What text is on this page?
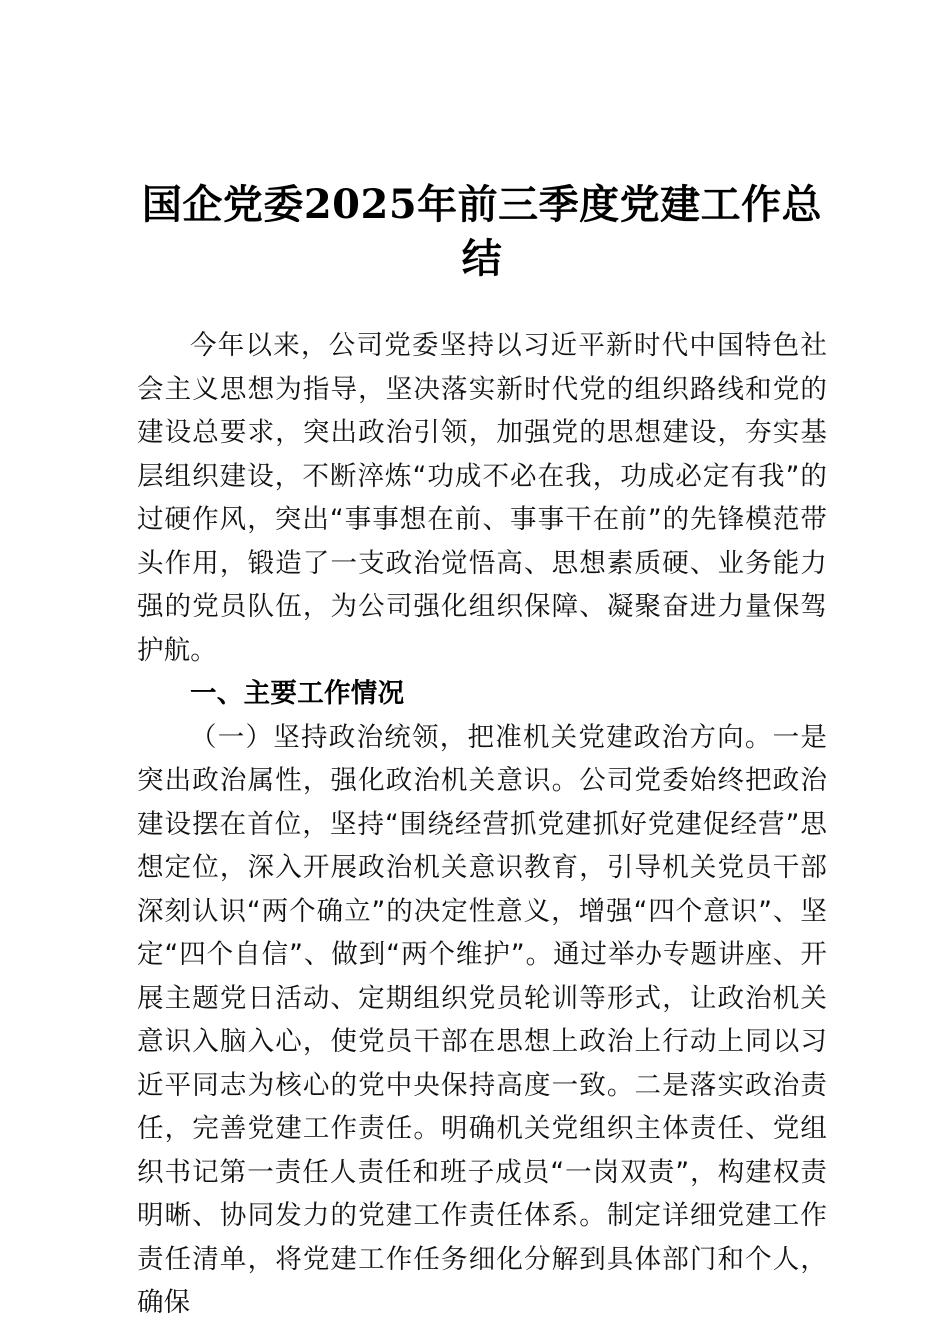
国企党委2025年前三季度党建工作总结

今年以来，公司党委坚持以习近平新时代中国特色社会主义思想为指导，坚决落实新时代党的组织路线和党的建设总要求，突出政治引领，加强党的思想建设，夯实基层组织建设，不断淬炼“功成不必在我，功成必定有我”的过硬作风，突出“事事想在前、事事干在前”的先锋模范带头作用，锻造了一支政治觉悟高、思想素质硬、业务能力强的党员队伍，为公司强化组织保障、凝聚奋进力量保驾护航。

一、主要工作情况

（一）坚持政治统领，把准机关党建政治方向。一是突出政治属性，强化政治机关意识。公司党委始终把政治建设摆在首位，坚持“围绕经营抓党建抓好党建促经营”思想定位，深入开展政治机关意识教育，引导机关党员干部深刻认识“两个确立”的决定性意义，增强“四个意识”、坚定“四个自信”、做到“两个维护”。通过举办专题讲座、开展主题党日活动、定期组织党员轮训等形式，让政治机关意识入脑入心，使党员干部在思想上政治上行动上同以习近平同志为核心的党中央保持高度一致。二是落实政治责任，完善党建工作责任。明确机关党组织主体责任、党组织书记第一责任人责任和班子成员“一岗双责”，构建权责明晰、协同发力的党建工作责任体系。制定详细党建工作责任清单，将党建工作任务细化分解到具体部门和个人，确保
